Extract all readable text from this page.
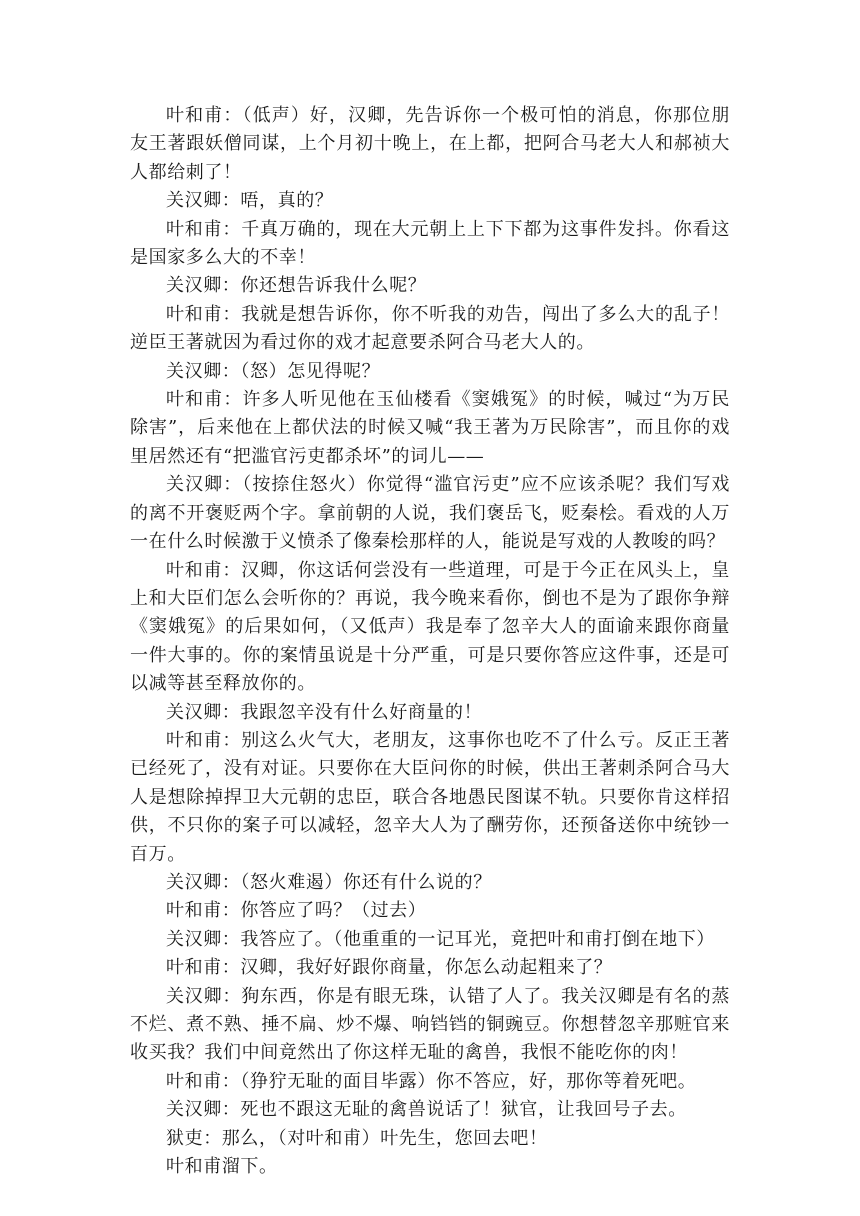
叶和甫：（低声）好，汉卿，先告诉你一个极可怕的消息，你那位朋友王著跟妖僧同谋，上个月初十晚上，在上都，把阿合马老大人和郝祯大人都给刺了！

关汉卿：唔，真的？

叶和甫：千真万确的，现在大元朝上上下下都为这事件发抖。你看这是国家多么大的不幸！

关汉卿：你还想告诉我什么呢？

叶和甫：我就是想告诉你，你不听我的劝告，闯出了多么大的乱子！逆臣王著就因为看过你的戏才起意要杀阿合马老大人的。

关汉卿：（怒）怎见得呢？

叶和甫：许多人听见他在玉仙楼看《窦娥冤》的时候，喊过“为万民除害”，后来他在上都伏法的时候又喊“我王著为万民除害”，而且你的戏里居然还有“把滥官污吏都杀坏”的词儿——

关汉卿：（按捺住怒火）你觉得“滥官污吏”应不应该杀呢？我们写戏的离不开褒贬两个字。拿前朝的人说，我们褒岳飞，贬秦桧。看戏的人万一在什么时候激于义愤杀了像秦桧那样的人，能说是写戏的人教唆的吗？

叶和甫：汉卿，你这话何尝没有一些道理，可是于今正在风头上，皇上和大臣们怎么会听你的？再说，我今晚来看你，倒也不是为了跟你争辩《窦娥冤》的后果如何，（又低声）我是奉了忽辛大人的面谕来跟你商量一件大事的。你的案情虽说是十分严重，可是只要你答应这件事，还是可以减等甚至释放你的。

关汉卿：我跟忽辛没有什么好商量的！

叶和甫：别这么火气大，老朋友，这事你也吃不了什么亏。反正王著已经死了，没有对证。只要你在大臣问你的时候，供出王著刺杀阿合马大人是想除掉捍卫大元朝的忠臣，联合各地愚民图谋不轨。只要你肯这样招供，不只你的案子可以减轻，忽辛大人为了酬劳你，还预备送你中统钞一百万。

关汉卿：（怒火难遏）你还有什么说的？

叶和甫：你答应了吗？（过去）

关汉卿：我答应了。（他重重的一记耳光，竟把叶和甫打倒在地下）

叶和甫：汉卿，我好好跟你商量，你怎么动起粗来了？

关汉卿：狗东西，你是有眼无珠，认错了人了。我关汉卿是有名的蒸不烂、煮不熟、捶不扁、炒不爆、响铛铛的铜豌豆。你想替忽辛那赃官来收买我？我们中间竟然出了你这样无耻的禽兽，我恨不能吃你的肉！

叶和甫：（狰狞无耻的面目毕露）你不答应，好，那你等着死吧。

关汉卿：死也不跟这无耻的禽兽说话了！狱官，让我回号子去。

狱吏：那么，（对叶和甫）叶先生，您回去吧！

叶和甫溜下。
